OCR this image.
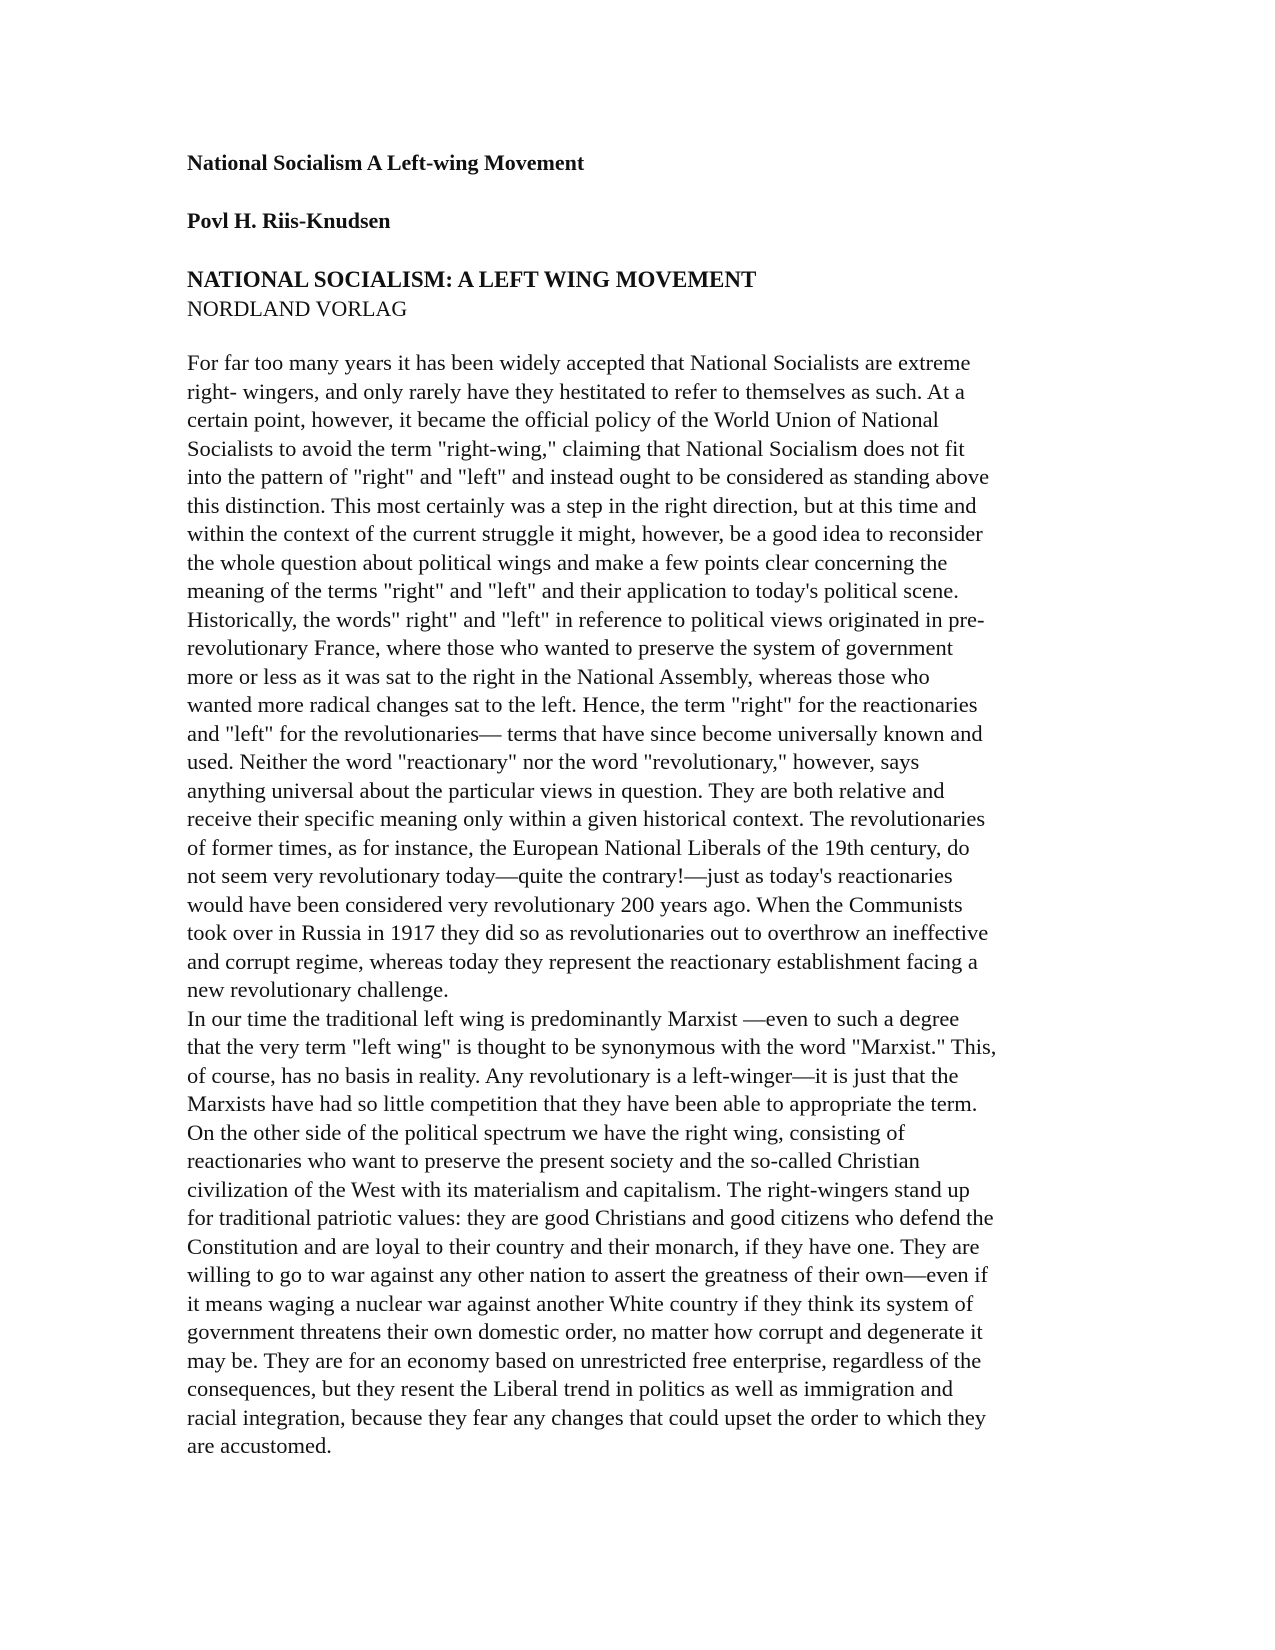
National Socialism A Left-wing Movement
Povl H. Riis-Knudsen
NATIONAL SOCIALISM: A LEFT WING MOVEMENT
NORDLAND VORLAG
For far too many years it has been widely accepted that National Socialists are extreme
right- wingers, and only rarely have they hestitated to refer to themselves as such. At a
certain point, however, it became the official policy of the World Union of National
Socialists to avoid the term "right-wing," claiming that National Socialism does not fit
into the pattern of "right" and "left" and instead ought to be considered as standing above
this distinction. This most certainly was a step in the right direction, but at this time and
within the context of the current struggle it might, however, be a good idea to reconsider
the whole question about political wings and make a few points clear concerning the
meaning of the terms "right" and "left" and their application to today's political scene.
Historically, the words" right" and "left" in reference to political views originated in pre-
revolutionary France, where those who wanted to preserve the system of government
more or less as it was sat to the right in the National Assembly, whereas those who
wanted more radical changes sat to the left. Hence, the term "right" for the reactionaries
and "left" for the revolutionaries— terms that have since become universally known and
used. Neither the word "reactionary" nor the word "revolutionary," however, says
anything universal about the particular views in question. They are both relative and
receive their specific meaning only within a given historical context. The revolutionaries
of former times, as for instance, the European National Liberals of the 19th century, do
not seem very revolutionary today—quite the contrary!—just as today's reactionaries
would have been considered very revolutionary 200 years ago. When the Communists
took over in Russia in 1917 they did so as revolutionaries out to overthrow an ineffective
and corrupt regime, whereas today they represent the reactionary establishment facing a
new revolutionary challenge.
In our time the traditional left wing is predominantly Marxist —even to such a degree
that the very term "left wing" is thought to be synonymous with the word "Marxist." This,
of course, has no basis in reality. Any revolutionary is a left-winger—it is just that the
Marxists have had so little competition that they have been able to appropriate the term.
On the other side of the political spectrum we have the right wing, consisting of
reactionaries who want to preserve the present society and the so-called Christian
civilization of the West with its materialism and capitalism. The right-wingers stand up
for traditional patriotic values: they are good Christians and good citizens who defend the
Constitution and are loyal to their country and their monarch, if they have one. They are
willing to go to war against any other nation to assert the greatness of their own—even if
it means waging a nuclear war against another White country if they think its system of
government threatens their own domestic order, no matter how corrupt and degenerate it
may be. They are for an economy based on unrestricted free enterprise, regardless of the
consequences, but they resent the Liberal trend in politics as well as immigration and
racial integration, because they fear any changes that could upset the order to which they
are accustomed.
